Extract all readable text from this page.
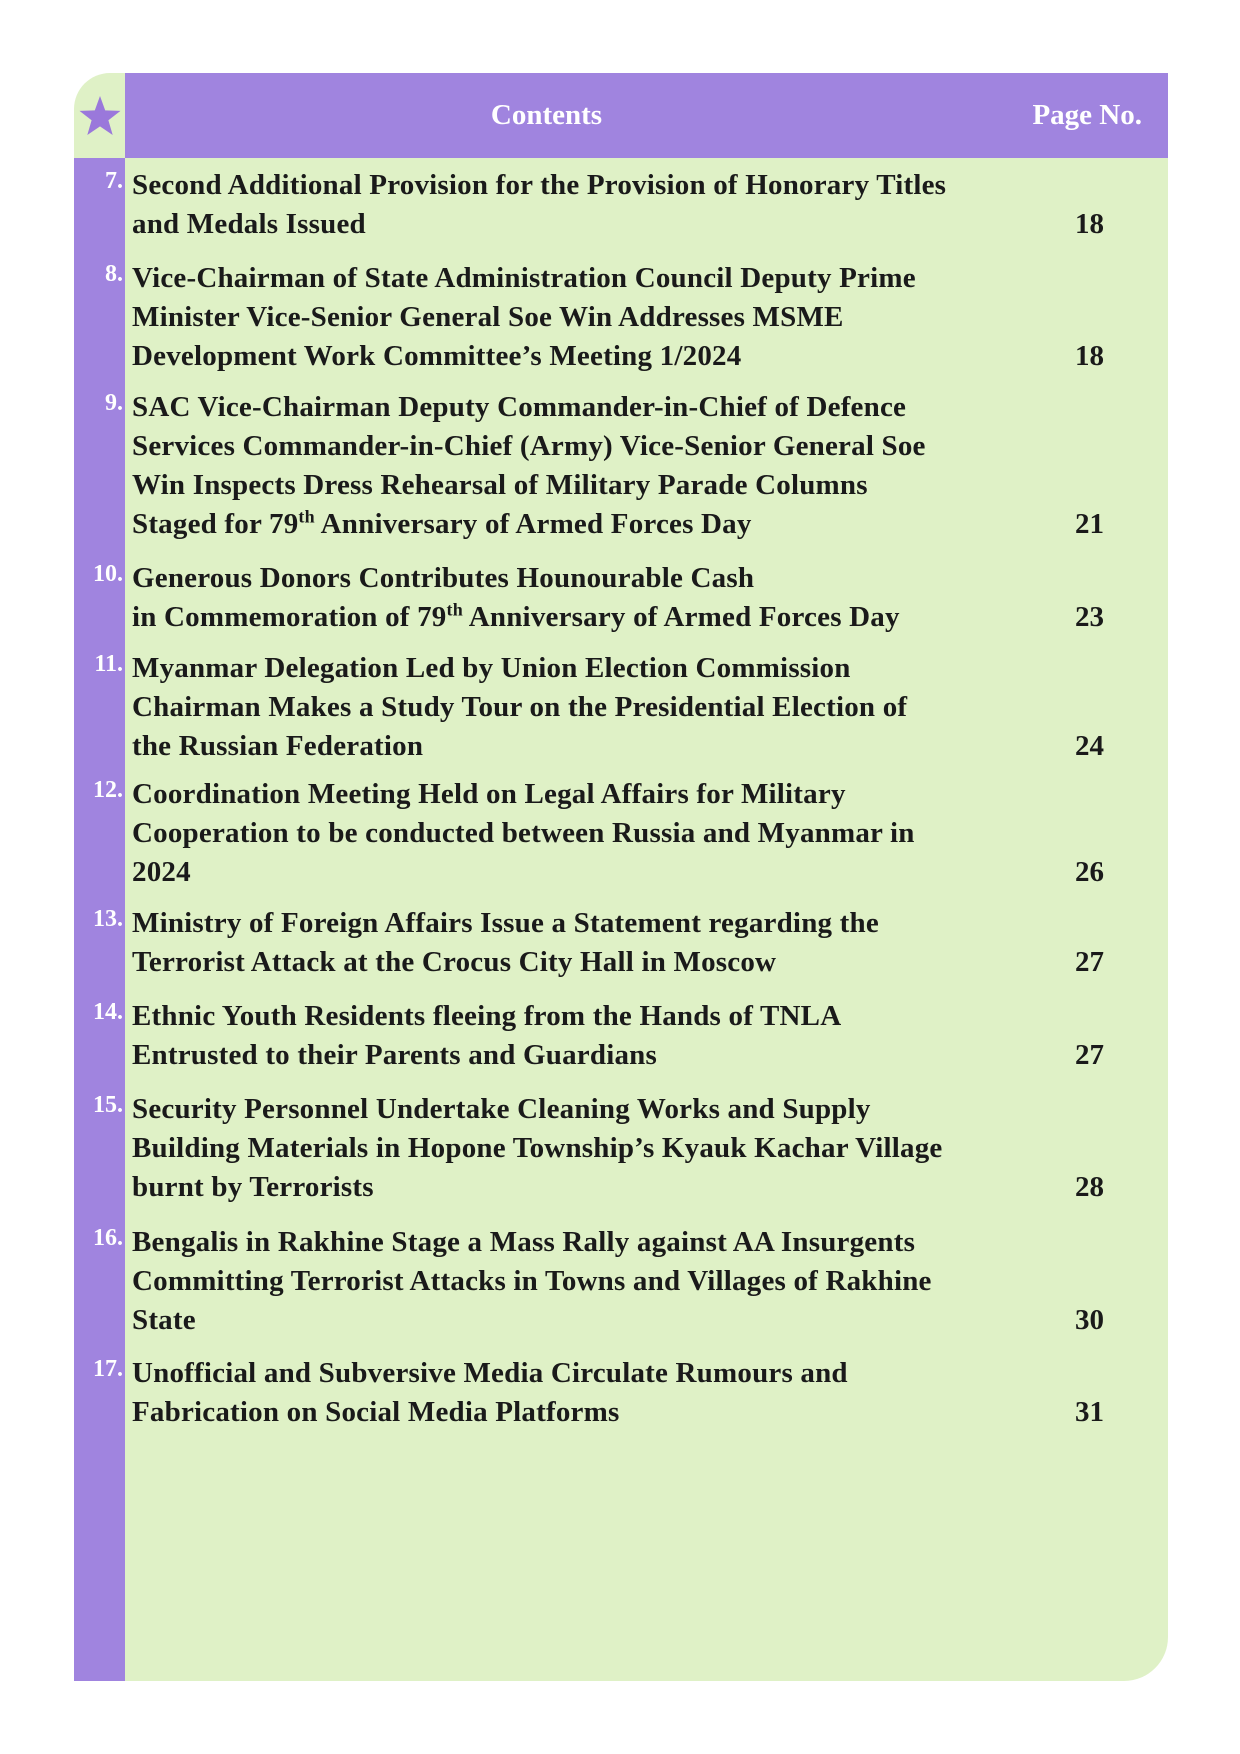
Contents	Page No.
7. Second Additional Provision for the Provision of Honorary Titles
and Medals Issued	18
8. Vice-Chairman of State Administration Council Deputy Prime
Minister Vice-Senior General Soe Win Addresses MSME
Development Work Committee’s Meeting 1/2024	18
9. SAC Vice-Chairman Deputy Commander-in-Chief of Defence
Services Commander-in-Chief (Army) Vice-Senior General Soe
Win Inspects Dress Rehearsal of Military Parade Columns
Staged for 79th Anniversary of Armed Forces Day	21
10. Generous Donors Contributes Hounourable Cash
in Commemoration of 79th Anniversary of Armed Forces Day	23
11. Myanmar Delegation Led by Union Election Commission
Chairman Makes a Study Tour on the Presidential Election of
the Russian Federation	24
12. Coordination Meeting Held on Legal Affairs for Military
Cooperation to be conducted between Russia and Myanmar in
2024	26
13. Ministry of Foreign Affairs Issue a Statement regarding the
Terrorist Attack at the Crocus City Hall in Moscow	27
14. Ethnic Youth Residents fleeing from the Hands of TNLA
Entrusted to their Parents and Guardians	27
15. Security Personnel Undertake Cleaning Works and Supply
Building Materials in Hopone Township’s Kyauk Kachar Village
burnt by Terrorists	28
16. Bengalis in Rakhine Stage a Mass Rally against AA Insurgents
Committing Terrorist Attacks in Towns and Villages of Rakhine
State	30
17. Unofficial and Subversive Media Circulate Rumours and
Fabrication on Social Media Platforms	31
